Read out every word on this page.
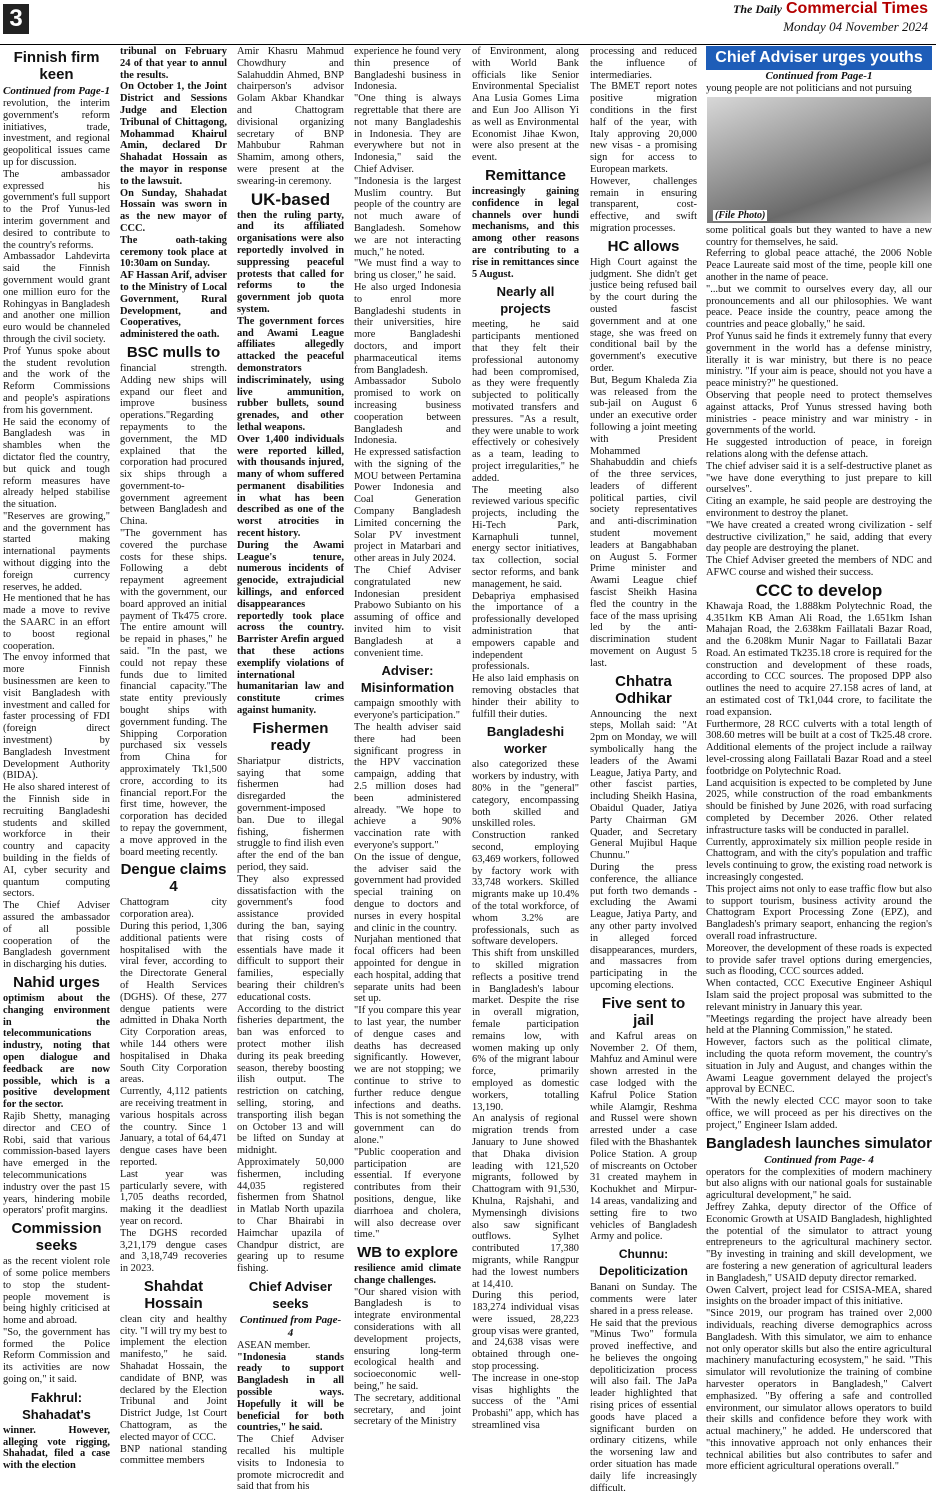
3	The Daily Commercial Times
Monday 04 November 2024
Finnish firm keen
Continued from Page-1

revolution, the interim government's reform initiatives, trade, investment, and regional geopolitical issues came up for discussion.

The ambassador expressed his government's full support to the Prof Yunus-led interim government and desired to contribute to the country's reforms.

Ambassador Lahdevirta said the Finnish government would grant one million euro for the Rohingyas in Bangladesh and another one million euro would be channeled through the civil society.

Prof Yunus spoke about the student revolution and the work of the Reform Commissions and people's aspirations from his government.

He said the economy of Bangladesh was in shambles when the dictator fled the country, but quick and tough reform measures have already helped stabilise the situation.

"Reserves are growing," and the government has started making international payments without digging into the foreign currency reserves, he added.

He mentioned that he has made a move to revive the SAARC in an effort to boost regional cooperation.

The envoy informed that more Finnish businessmen are keen to visit Bangladesh with investment and called for faster processing of FDI (foreign direct investment) by Bangladesh Investment Development Authority (BIDA).

He also shared interest of the Finnish side in recruiting Bangladeshi students and skilled workforce in their country and capacity building in the fields of AI, cyber security and quantum computing sectors.

The Chief Adviser assured the ambassador of all possible cooperation of the Bangladesh government in discharging his duties.

Nahid urges

optimism about the changing environment in the telecommunications industry, noting that open dialogue and feedback are now possible, which is a positive development for the sector.

Rajib Shetty, managing director and CEO of Robi, said that various commission-based layers have emerged in the telecommunications industry over the past 15 years, hindering mobile operators' profit margins.

Commission seeks

as the recent violent role of some police members to stop the student-people movement is being highly criticised at home and abroad.

"So, the government has formed the Police Reform Commission and its activities are now going on," it said.

Fakhrul: Shahadat's

winner. However, alleging vote rigging, Shahadat, filed a case with the election

tribunal on February 24 of that year to annul the results.

On October 1, the Joint District and Sessions Judge and Election Tribunal of Chittagong, Mohammad Khairul Amin, declared Dr Shahadat Hossain as the mayor in response to the lawsuit.

On Sunday, Shahadat Hossain was sworn in as the new mayor of CCC.

The oath-taking ceremony took place at 10:30am on Sunday.

AF Hassan Arif, adviser to the Ministry of Local Government, Rural Development, and Cooperatives, administered the oath.

BSC mulls to

financial strength. Adding new ships will expand our fleet and improve business operations."Regarding repayments to the government, the MD explained that the corporation had procured six ships through a government-to-government agreement between Bangladesh and China.

"The government has covered the purchase costs for these ships. Following a debt repayment agreement with the government, our board approved an initial payment of Tk475 crore. The entire amount will be repaid in phases," he said. "In the past, we could not repay these funds due to limited financial capacity."The state entity previously bought ships with government funding. The Shipping Corporation purchased six vessels from China for approximately Tk1,500 crore, according to its financial report.For the first time, however, the corporation has decided to repay the government, a move approved in the board meeting recently.

Dengue claims 4

Chattogram city corporation area).

During this period, 1,306 additional patients were hospitalised with the viral fever, according to the Directorate General of Health Services (DGHS). Of these, 277 dengue patients were admitted in Dhaka North City Corporation areas, while 144 others were hospitalised in Dhaka South City Corporation areas.

Currently, 4,112 patients are receiving treatment in various hospitals across the country. Since 1 January, a total of 64,471 dengue cases have been reported.

Last year was particularly severe, with 1,705 deaths recorded, making it the deadliest year on record.

The DGHS recorded 3,21,179 dengue cases and 3,18,749 recoveries in 2023.

Shahdat Hossain

clean city and healthy city. "I will try my best to implement the election manifesto," he said. Shahadat Hossain, the candidate of BNP, was declared by the Election Tribunal and Joint District Judge, 1st Court Chattogram, as the elected mayor of CCC.

BNP national standing committee members

Amir Khasru Mahmud Chowdhury and Salahuddin Ahmed, BNP chairperson's advisor Golam Akbar Khandkar and Chattogram divisional organizing secretary of BNP Mahbubur Rahman Shamim, among others, were present at the swearing-in ceremony.

UK-based

then the ruling party, and its affiliated organisations were also reportedly involved in suppressing peaceful protests that called for reforms to the government job quota system.

The government forces and Awami League affiliates allegedly attacked the peaceful demonstrators indiscriminately, using live ammunition, rubber bullets, sound grenades, and other lethal weapons.

Over 1,400 individuals were reported killed, with thousands injured, many of whom suffered permanent disabilities in what has been described as one of the worst atrocities in recent history.

During the Awami League's tenure, numerous incidents of genocide, extrajudicial killings, and enforced disappearances reportedly took place across the country. Barrister Arefin argued that these actions exemplify violations of international humanitarian law and constitute crimes against humanity.

Fishermen ready

Shariatpur districts, saying that some fishermen had disregarded the government-imposed ban. Due to illegal fishing, fishermen struggle to find ilish even after the end of the ban period, they said.

They also expressed dissatisfaction with the government's food assistance provided during the ban, saying that rising costs of essentials have made it difficult to support their families, especially bearing their children's educational costs.

According to the district fisheries department, the ban was enforced to protect mother ilish during its peak breeding season, thereby boosting ilish output. The restriction on catching, selling, storing, and transporting ilish began on October 13 and will be lifted on Sunday at midnight.

Approximately 50,000 fishermen, including 44,035 registered fishermen from Shatnol in Matlab North upazila to Char Bhairabi in Haimchar upazila of Chandpur district, are gearing up to resume fishing.

Chief Adviser seeks
Continued from Page- 4

ASEAN member.

"Indonesia stands ready to support Bangladesh in all possible ways. Hopefully it will be beneficial for both countries," he said.

The Chief Adviser recalled his multiple visits to Indonesia to promote microcredit and said that from his

experience he found very thin presence of Bangladeshi business in Indonesia.

"One thing is always regrettable that there are not many Bangladeshis in Indonesia. They are everywhere but not in Indonesia," said the Chief Adviser.

"Indonesia is the largest Muslim country. But people of the country are not much aware of Bangladesh. Somehow we are not interacting much," he noted.

"We must find a way to bring us closer," he said.

He also urged Indonesia to enrol more Bangladeshi students in their universities, hire more Bangladeshi doctors, and import pharmaceutical items from Bangladesh.

Ambassador Subolo promised to work on increasing business cooperation between Bangladesh and Indonesia.

He expressed satisfaction with the signing of the MOU between Pertamina Power Indonesia and Coal Generation Company Bangladesh Limited concerning the Solar PV investment project in Matarbari and other areas in July 2024.

The Chief Adviser congratulated new Indonesian president Prabowo Subianto on his assuming of office and invited him to visit Bangladesh at a convenient time.

Adviser: Misinformation

campaign smoothly with everyone's participation."

The health adviser said there had been significant progress in the HPV vaccination campaign, adding that 2.5 million doses had been administered already. "We hope to achieve a 90% vaccination rate with everyone's support."

On the issue of dengue, the adviser said the government had provided special training on dengue to doctors and nurses in every hospital and clinic in the country.

Nurjahan mentioned that focal officers had been appointed for dengue in each hospital, adding that separate units had been set up.

"If you compare this year to last year, the number of dengue cases and deaths has decreased significantly. However, we are not stopping; we continue to strive to further reduce dengue infections and deaths. This is not something the government can do alone."

"Public cooperation and participation are essential. If everyone contributes from their positions, dengue, like diarrhoea and cholera, will also decrease over time."

WB to explore

resilience amid climate change challenges.

"Our shared vision with Bangladesh is to integrate environmental considerations with all development projects, ensuring long-term ecological health and socioeconomic well-being," he said.

The secretary, additional secretary, and joint secretary of the Ministry

of Environment, along with World Bank officials like Senior Environmental Specialist Ana Lusia Gomes Lima and Eun Joo Allison Yi as well as Environmental Economist Jihae Kwon, were also present at the event.

Remittance

increasingly gaining confidence in legal channels over hundi mechanisms, and this among other reasons are contributing to a rise in remittances since 5 August.

Nearly all projects

meeting, he said participants mentioned that they felt their professional autonomy had been compromised, as they were frequently subjected to politically motivated transfers and pressures. "As a result, they were unable to work effectively or cohesively as a team, leading to project irregularities," he added.

The meeting also reviewed various specific projects, including the Hi-Tech Park, Karnaphuli tunnel, energy sector initiatives, tax collection, social sector reforms, and bank management, he said.

Debapriya emphasised the importance of a professionally developed administration that empowers capable and independent professionals.

He also laid emphasis on removing obstacles that hinder their ability to fulfill their duties.

Bangladeshi worker

also categorized these workers by industry, with 80% in the "general" category, encompassing both skilled and unskilled roles.

Construction ranked second, employing 63,469 workers, followed by factory work with 33,748 workers. Skilled migrants make up 10.4% of the total workforce, of whom 3.2% are professionals, such as software developers.

This shift from unskilled to skilled migration reflects a positive trend in Bangladesh's labour market. Despite the rise in overall migration, female participation remains low, with women making up only 6% of the migrant labour force, primarily employed as domestic workers, totalling 13,190.

An analysis of regional migration trends from January to June showed that Dhaka division leading with 121,520 migrants, followed by Chattogram with 91,530, Khulna, Rajshahi, and Mymensingh divisions also saw significant outflows. Sylhet contributed 17,380 migrants, while Rangpur had the lowest numbers at 14,410.

During this period, 183,274 individual visas were issued, 28,223 group visas were granted, and 24,638 visas were obtained through one-stop processing.

The increase in one-stop visas highlights the success of the "Ami Probashi" app, which has streamlined visa

processing and reduced the influence of intermediaries.

The BMET report notes positive migration conditions in the first half of the year, with Italy approving 20,000 new visas - a promising sign for access to European markets.

However, challenges remain in ensuring transparent, cost-effective, and swift migration processes.

HC allows

High Court against the judgment. She didn't get justice being refused bail by the court during the ousted fascist government and at one stage, she was freed on conditional bail by the government's executive order.

But, Begum Khaleda Zia was released from the sub-jail on August 6 under an executive order following a joint meeting with President Mohammed Shahabuddin and chiefs of the three services, leaders of different political parties, civil society representatives and anti-discrimination student movement leaders at Bangabhaban on August 5. Former Prime minister and Awami League chief fascist Sheikh Hasina fled the country in the face of the mass uprising led by the anti-discrimination student movement on August 5 last.

Chhatra Odhikar

Announcing the next steps, Mollah said: "At 2pm on Monday, we will symbolically hang the leaders of the Awami League, Jatiya Party, and other fascist parties, including Sheikh Hasina, Obaidul Quader, Jatiya Party Chairman GM Quader, and Secretary General Mujibul Haque Chunnu."

During the press conference, the alliance put forth two demands - excluding the Awami League, Jatiya Party, and any other party involved in alleged forced disappearances, murders, and massacres from participating in the upcoming elections.

Five sent to jail

and Kafrul areas on November 2. Of them, Mahfuz and Aminul were shown arrested in the case lodged with the Kafrul Police Station while Alamgir, Reshma and Russel were shown arrested under a case filed with the Bhashantek Police Station. A group of miscreants on October 31 created mayhem in Kochukhet and Mirpur-14 areas, vandalizing and setting fire to two vehicles of Bangladesh Army and police.

Chunnu: Depoliticization

Banani on Sunday. The comments were later shared in a press release.

He said that the previous "Minus Two" formula proved ineffective, and he believes the ongoing depoliticization process will also fail. The JaPa leader highlighted that rising prices of essential goods have placed a significant burden on ordinary citizens, while the worsening law and order situation has made daily life increasingly difficult.

Chief Adviser urges youths
Continued from Page-1

young people are not politicians and not pursuing

(File Photo)

some political goals but they wanted to have a new country for themselves, he said.

Referring to global peace attaché, the 2006 Noble Peace Laureate said most of the time, people kill one another in the name of peace.

"...but we commit to ourselves every day, all our pronouncements and all our philosophies. We want peace. Peace inside the country, peace among the countries and peace globally," he said.

Prof Yunus said he finds it extremely funny that every government in the world has a defense ministry, literally it is war ministry, but there is no peace ministry. "If your aim is peace, should not you have a peace ministry?" he questioned.

Observing that people need to protect themselves against attacks, Prof Yunus stressed having both ministries - peace ministry and war ministry - in governments of the world.

He suggested introduction of peace, in foreign relations along with the defense attach.

The chief adviser said it is a self-destructive planet as "we have done everything to just prepare to kill ourselves".

Citing an example, he said people are destroying the environment to destroy the planet.

"We have created a created wrong civilization - self destructive civilization," he said, adding that every day people are destroying the planet.

The Chief Adviser greeted the members of NDC and AFWC course and wished their success.

CCC to develop

Khawaja Road, the 1.888km Polytechnic Road, the 4.351km KB Aman Ali Road, the 1.651km Ishan Mahajan Road, the 2.638km Faillatali Bazar Road, and the 6.208km Munir Nagar to Faillatali Bazar Road. An estimated Tk235.18 crore is required for the construction and development of these roads, according to CCC sources. The proposed DPP also outlines the need to acquire 27.158 acres of land, at an estimated cost of Tk1,044 crore, to facilitate the road expansion.

Furthermore, 28 RCC culverts with a total length of 308.60 metres will be built at a cost of Tk25.48 crore. Additional elements of the project include a railway level-crossing along Faillatali Bazar Road and a steel footbridge on Polytechnic Road.

Land acquisition is expected to be completed by June 2025, while construction of the road embankments should be finished by June 2026, with road surfacing completed by December 2026. Other related infrastructure tasks will be conducted in parallel.

Currently, approximately six million people reside in Chattogram, and with the city's population and traffic levels continuing to grow, the existing road network is increasingly congested.

This project aims not only to ease traffic flow but also to support tourism, business activity around the Chattogram Export Processing Zone (EPZ), and Bangladesh's primary seaport, enhancing the region's overall road infrastructure.

Moreover, the development of these roads is expected to provide safer travel options during emergencies, such as flooding, CCC sources added.

When contacted, CCC Executive Engineer Ashiqul Islam said the project proposal was submitted to the relevant ministry in January this year.

"Meetings regarding the project have already been held at the Planning Commission," he stated.

However, factors such as the political climate, including the quota reform movement, the country's situation in July and August, and changes within the Awami League government delayed the project's approval by ECNEC.

"With the newly elected CCC mayor soon to take office, we will proceed as per his directives on the project," Engineer Islam added.

Bangladesh launches simulator
Continued from Page- 4

operators for the complexities of modern machinery but also aligns with our national goals for sustainable agricultural development," he said.

Jeffrey Zahka, deputy director of the Office of Economic Growth at USAID Bangladesh, highlighted the potential of the simulator to attract young entrepreneurs to the agricultural machinery sector. "By investing in training and skill development, we are fostering a new generation of agricultural leaders in Bangladesh," USAID deputy director remarked.

Owen Calvert, project lead for CSISA-MEA, shared insights on the broader impact of this initiative.

"Since 2019, our program has trained over 2,000 individuals, reaching diverse demographics across Bangladesh. With this simulator, we aim to enhance not only operator skills but also the entire agricultural machinery manufacturing ecosystem," he said. "This simulator will revolutionize the training of combine harvester operators in Bangladesh," Calvert emphasized. "By offering a safe and controlled environment, our simulator allows operators to build their skills and confidence before they work with actual machinery," he added. He underscored that "this innovative approach not only enhances their technical abilities but also contributes to safer and more efficient agricultural operations overall."
